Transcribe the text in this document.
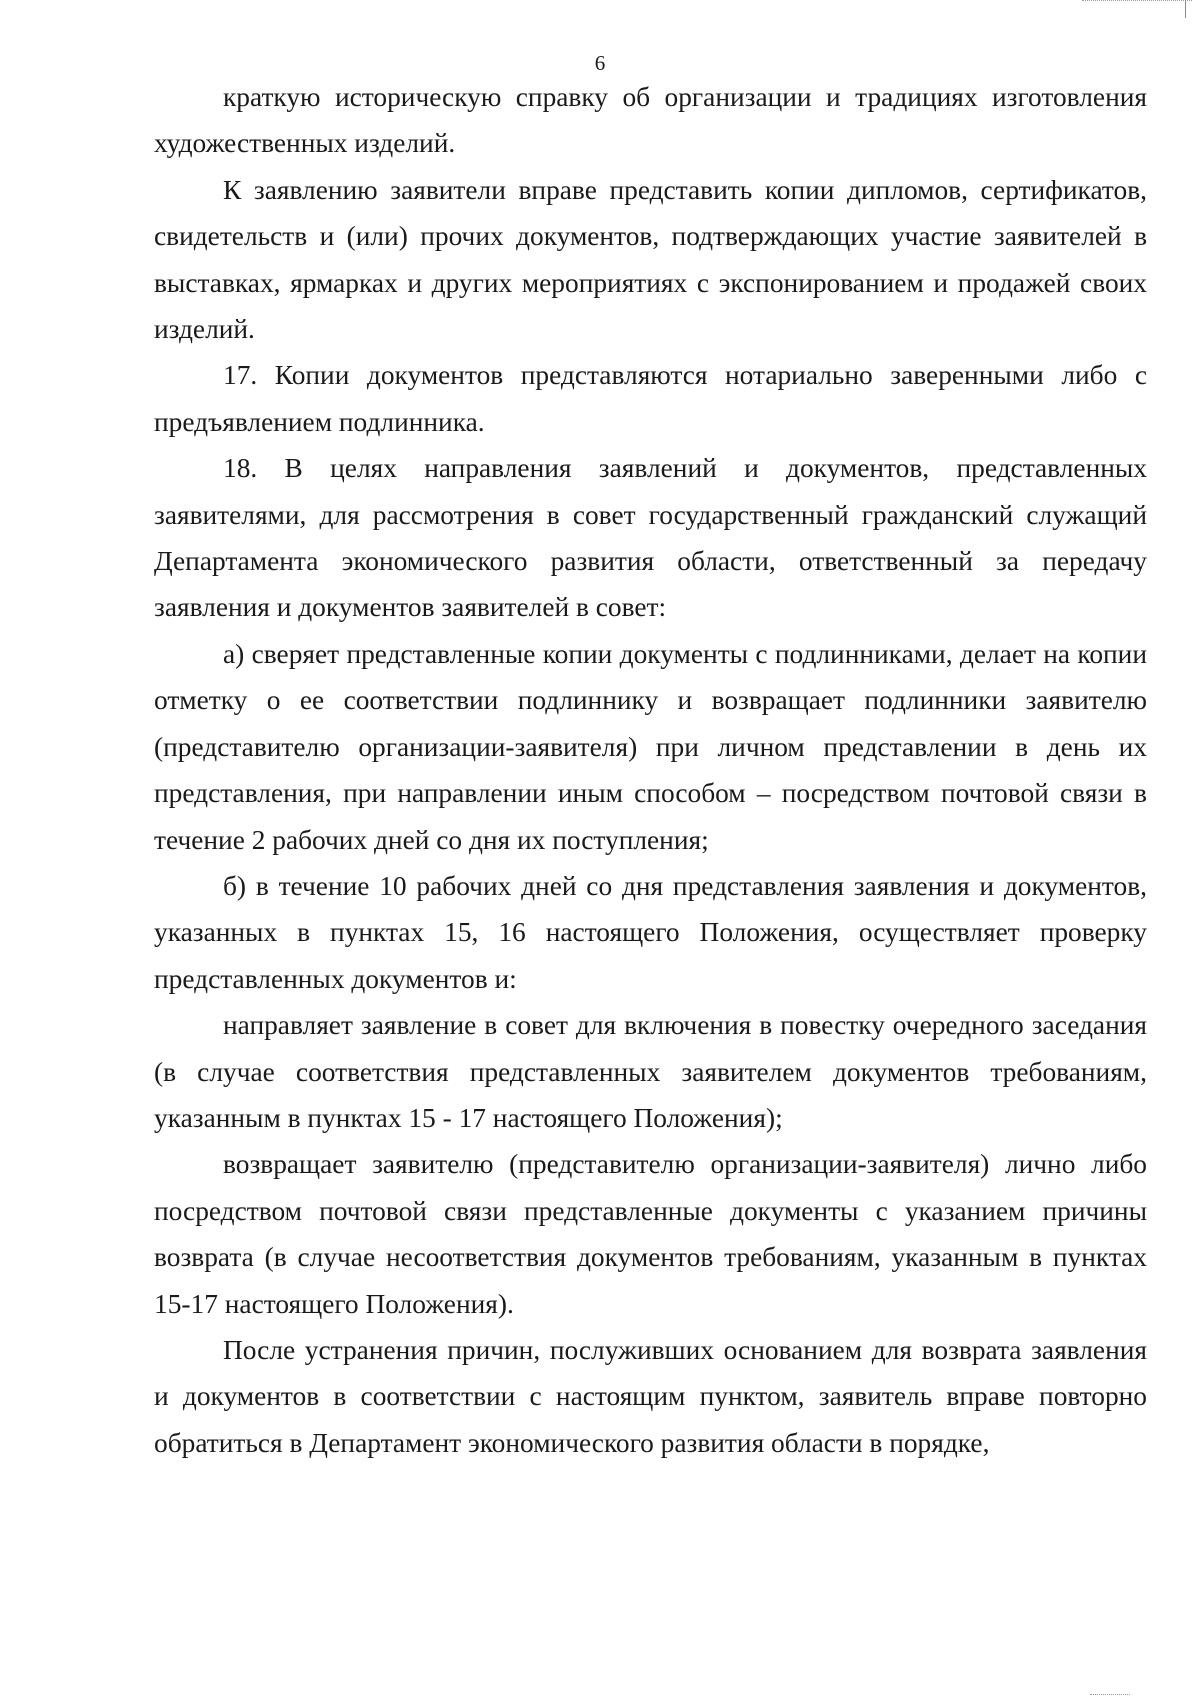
6

краткую историческую справку об организации и традициях изготовления художественных изделий.

К заявлению заявители вправе представить копии дипломов, сертификатов, свидетельств и (или) прочих документов, подтверждающих участие заявителей в выставках, ярмарках и других мероприятиях с экспонированием и продажей своих изделий.

17. Копии документов представляются нотариально заверенными либо с предъявлением подлинника.

18. В целях направления заявлений и документов, представленных заявителями, для рассмотрения в совет государственный гражданский служащий Департамента экономического развития области, ответственный за передачу заявления и документов заявителей в совет:

а) сверяет представленные копии документы с подлинниками, делает на копии отметку о ее соответствии подлиннику и возвращает подлинники заявителю (представителю организации-заявителя) при личном представлении в день их представления, при направлении иным способом – посредством почтовой связи в течение 2 рабочих дней со дня их поступления;

б) в течение 10 рабочих дней со дня представления заявления и документов, указанных в пунктах 15, 16 настоящего Положения, осуществляет проверку представленных документов и:

направляет заявление в совет для включения в повестку очередного заседания (в случае соответствия представленных заявителем документов требованиям, указанным в пунктах 15 - 17 настоящего Положения);

возвращает заявителю (представителю организации-заявителя) лично либо посредством почтовой связи представленные документы с указанием причины возврата (в случае несоответствия документов требованиям, указанным в пунктах 15-17 настоящего Положения).

После устранения причин, послуживших основанием для возврата заявления и документов в соответствии с настоящим пунктом, заявитель вправе повторно обратиться в Департамент экономического развития области в порядке,
